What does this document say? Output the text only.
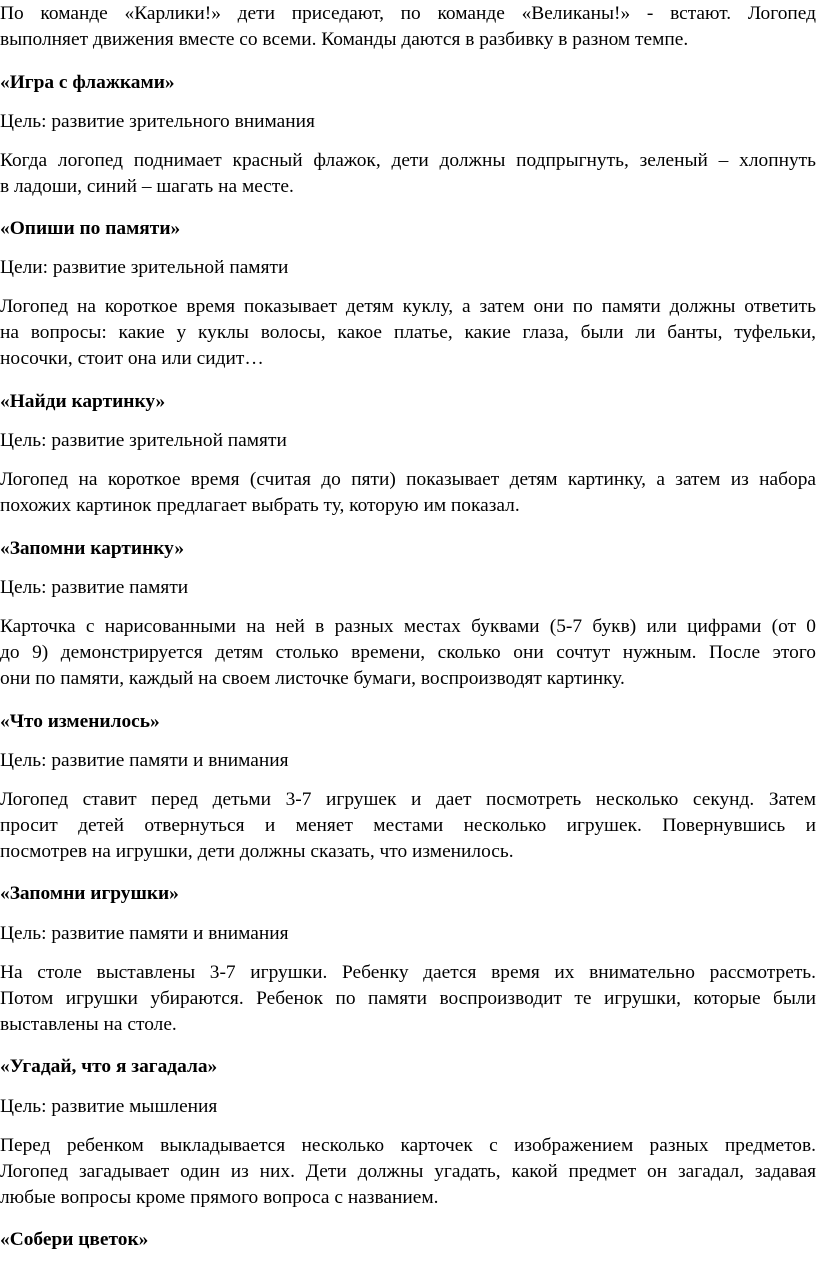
По команде «Карлики!» дети приседают, по команде «Великаны!» - встают. Логопед
выполняет движения вместе со всеми. Команды даются в разбивку в разном темпе.
«Игра с флажками»
Цель: развитие зрительного внимания
Когда логопед поднимает красный флажок, дети должны подпрыгнуть, зеленый – хлопнуть
в ладоши, синий – шагать на месте.
«Опиши по памяти»
Цели: развитие зрительной памяти
Логопед на короткое время показывает детям куклу, а затем они по памяти должны ответить
на вопросы: какие у куклы волосы, какое платье, какие глаза, были ли банты, туфельки,
носочки, стоит она или сидит…
«Найди картинку»
Цель: развитие зрительной памяти
Логопед на короткое время (считая до пяти) показывает детям картинку, а затем из набора
похожих картинок предлагает выбрать ту, которую им показал.
«Запомни картинку»
Цель: развитие памяти
Карточка с нарисованными на ней в разных местах буквами (5-7 букв) или цифрами (от 0
до 9) демонстрируется детям столько времени, сколько они сочтут нужным. После этого
они по памяти, каждый на своем листочке бумаги, воспроизводят картинку.
«Что изменилось»
Цель: развитие памяти и внимания
Логопед ставит перед детьми 3-7 игрушек и дает посмотреть несколько секунд. Затем
просит детей отвернуться и меняет местами несколько игрушек. Повернувшись и
посмотрев на игрушки, дети должны сказать, что изменилось.
«Запомни игрушки»
Цель: развитие памяти и внимания
На столе выставлены 3-7 игрушки. Ребенку дается время их внимательно рассмотреть.
Потом игрушки убираются. Ребенок по памяти воспроизводит те игрушки, которые были
выставлены на столе.
«Угадай, что я загадала»
Цель: развитие мышления
Перед ребенком выкладывается несколько карточек с изображением разных предметов.
Логопед загадывает один из них. Дети должны угадать, какой предмет он загадал, задавая
любые вопросы кроме прямого вопроса с названием.
«Собери цветок»
